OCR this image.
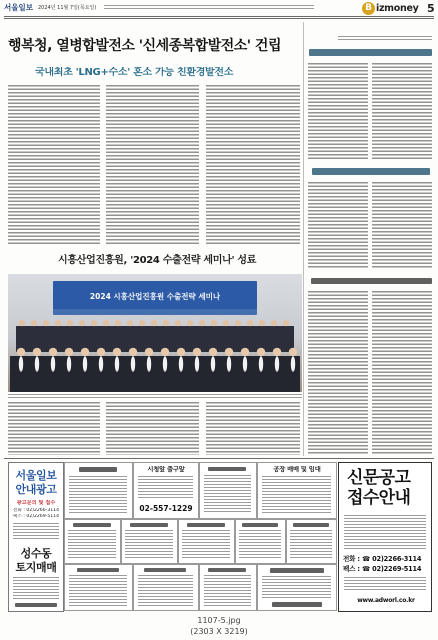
서울일보 2024년 11월 7일(목요일)	B izmoney 5
행복청, 열병합발전소 '신세종복합발전소' 건립
국내최초 'LNG+수소' 혼소 가능 친환경발전소
시흥산업진흥원, '2024 수출전략 세미나' 성료
2024 시흥산업진흥원 수출전략 세미나
서울일보
안내광고
광고문의 및 접수
전화 : 02)2266-3114
팩스 : 02)2269-5114
성수동
토지매매
시청앞 출구앞
02-557-1229
공장 매매 및 임대	신문공고
접수안내
전화 : ☎ 02)2266-3114
팩스 : ☎ 02)2269-5114
www.adworl.co.kr
1107-5.jpg
(2303 X 3219)
